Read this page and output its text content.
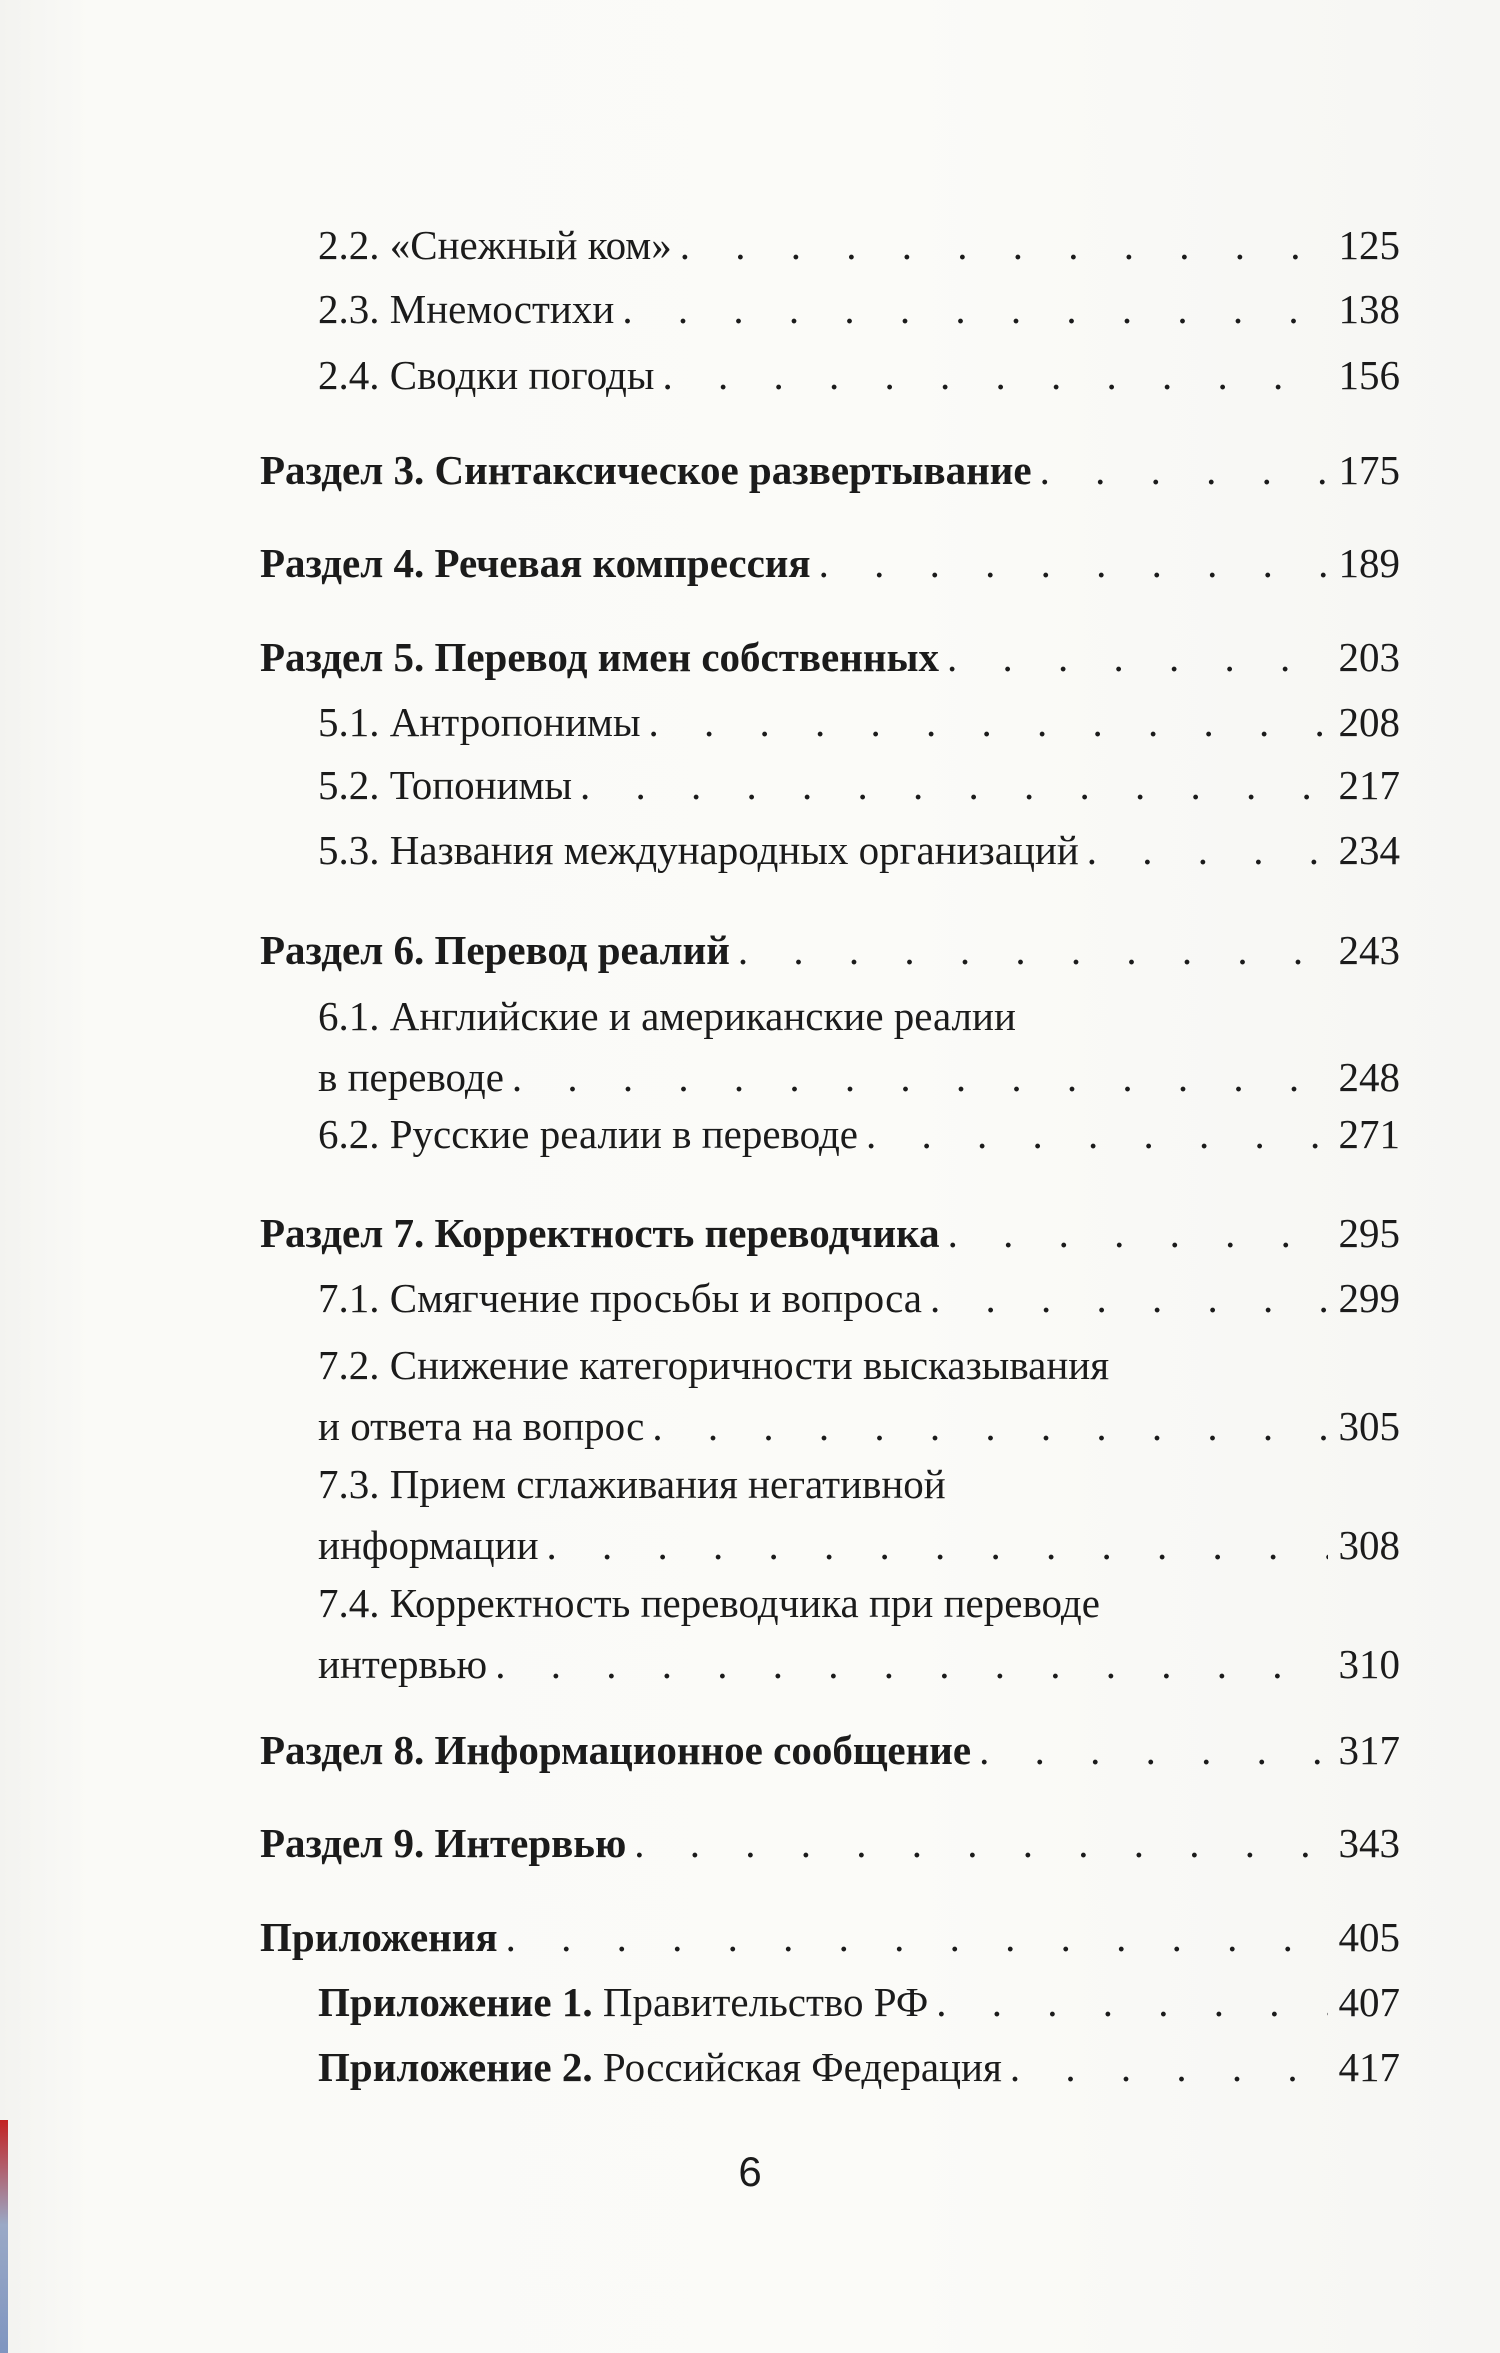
2.2. «Снежный ком» . . .	125
2.3. Мнемостихи . . .	138
2.4. Сводки погоды . . .	156
Раздел 3. Синтаксическое развертывание . . .	175
Раздел 4. Речевая компрессия . . .	189
Раздел 5. Перевод имен собственных . . .	203
5.1. Антропонимы . . .	208
5.2. Топонимы . . .	217
5.3. Названия международных организаций . . .	234
Раздел 6. Перевод реалий . . .	243
6.1. Английские и американские реалии
в переводе . . .	248
6.2. Русские реалии в переводе . . .	271
Раздел 7. Корректность переводчика . . .	295
7.1. Смягчение просьбы и вопроса . . .	299
7.2. Снижение категоричности высказывания
и ответа на вопрос . . .	305
7.3. Прием сглаживания негативной
информации . . .	308
7.4. Корректность переводчика при переводе
интервью . . .	310
Раздел 8. Информационное сообщение . . .	317
Раздел 9. Интервью . . .	343
Приложения . . .	405
Приложение 1. Правительство РФ . . .	407
Приложение 2. Российская Федерация . . .	417
6
